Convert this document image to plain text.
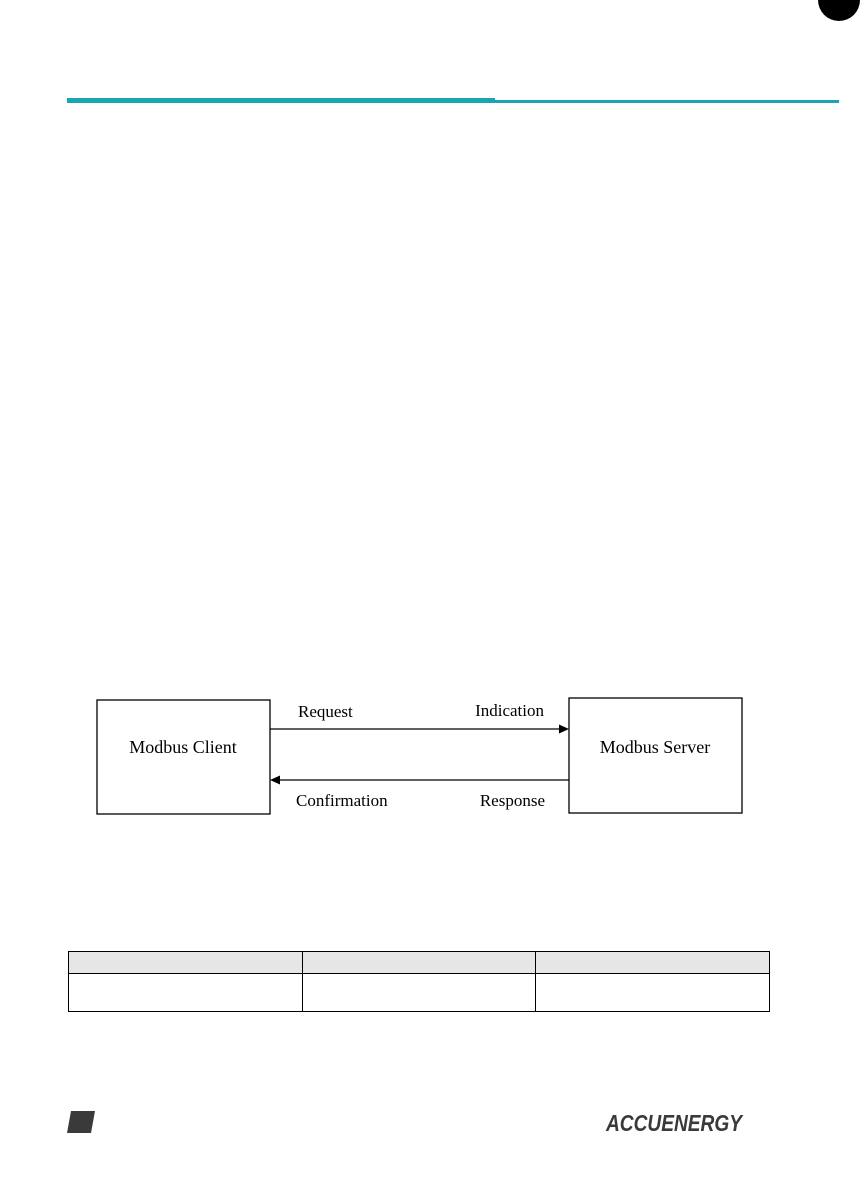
Modbus Client	Modbus Server
Request	Indication
Confirmation	Response

ACCUENERGY
